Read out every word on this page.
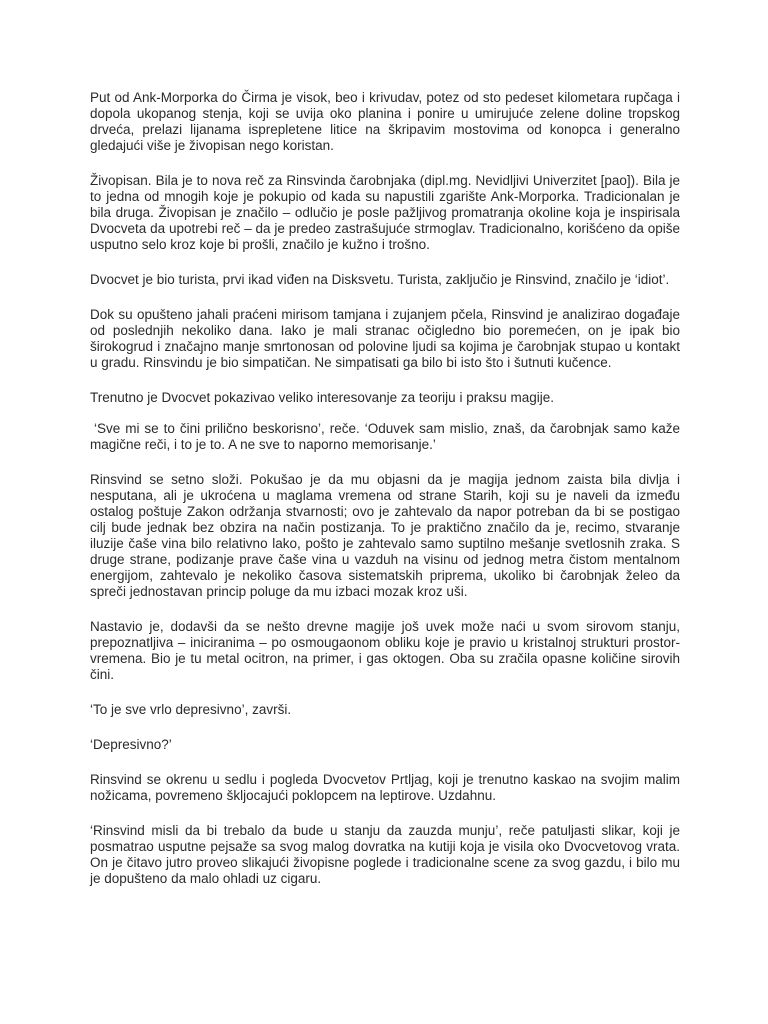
Put od Ank-Morporka do Čirma je visok, beo i krivudav, potez od sto pedeset kilometara rupčaga i dopola ukopanog stenja, koji se uvija oko planina i ponire u umirujuće zelene doline tropskog drveća, prelazi lijanama isprepletene litice na škripavim mostovima od konopca i generalno gledajući više je živopisan nego koristan.

Živopisan. Bila je to nova reč za Rinsvinda čarobnjaka (dipl.mg. Nevidljivi Univerzitet [pao]). Bila je to jedna od mnogih koje je pokupio od kada su napustili zgarište Ank-Morporka. Tradicionalan je bila druga. Živopisan je značilo – odlučio je posle pažljivog promatranja okoline koja je inspirisala Dvocveta da upotrebi reč – da je predeo zastrašujuće strmoglav. Tradicionalno, korišćeno da opiše usputno selo kroz koje bi prošli, značilo je kužno i trošno.

Dvocvet je bio turista, prvi ikad viđen na Disksvetu. Turista, zaključio je Rinsvind, značilo je ‘idiot’.

Dok su opušteno jahali praćeni mirisom tamjana i zujanjem pčela, Rinsvind je analizirao događaje od poslednjih nekoliko dana. Iako je mali stranac očigledno bio poremećen, on je ipak bio širokogrud i značajno manje smrtonosan od polovine ljudi sa kojima je čarobnjak stupao u kontakt u gradu. Rinsvindu je bio simpatičan. Ne simpatisati ga bilo bi isto što i šutnuti kučence.

Trenutno je Dvocvet pokazivao veliko interesovanje za teoriju i praksu magije.

‘Sve mi se to čini prilično beskorisno’, reče. ‘Oduvek sam mislio, znaš, da čarobnjak samo kaže magične reči, i to je to. A ne sve to naporno memorisanje.’

Rinsvind se setno složi. Pokušao je da mu objasni da je magija jednom zaista bila divlja i nesputana, ali je ukroćena u maglama vremena od strane Starih, koji su je naveli da između ostalog poštuje Zakon održanja stvarnosti; ovo je zahtevalo da napor potreban da bi se postigao cilj bude jednak bez obzira na način postizanja. To je praktično značilo da je, recimo, stvaranje iluzije čaše vina bilo relativno lako, pošto je zahtevalo samo suptilno mešanje svetlosnih zraka. S druge strane, podizanje prave čaše vina u vazduh na visinu od jednog metra čistom mentalnom energijom, zahtevalo je nekoliko časova sistematskih priprema, ukoliko bi čarobnjak želeo da spreči jednostavan princip poluge da mu izbaci mozak kroz uši.

Nastavio je, dodavši da se nešto drevne magije još uvek može naći u svom sirovom stanju, prepoznatljiva – iniciranima – po osmougaonom obliku koje je pravio u kristalnoj strukturi prostor-vremena. Bio je tu metal ocitron, na primer, i gas oktogen. Oba su zračila opasne količine sirovih čini.

‘To je sve vrlo depresivno’, završi.

‘Depresivno?’

Rinsvind se okrenu u sedlu i pogleda Dvocvetov Prtljag, koji je trenutno kaskao na svojim malim nožicama, povremeno škljocajući poklopcem na leptirove. Uzdahnu.

‘Rinsvind misli da bi trebalo da bude u stanju da zauzda munju’, reče patuljasti slikar, koji je posmatrao usputne pejsaže sa svog malog dovratka na kutiji koja je visila oko Dvocvetovog vrata. On je čitavo jutro proveo slikajući živopisne poglede i tradicionalne scene za svog gazdu, i bilo mu je dopušteno da malo ohladi uz cigaru.
